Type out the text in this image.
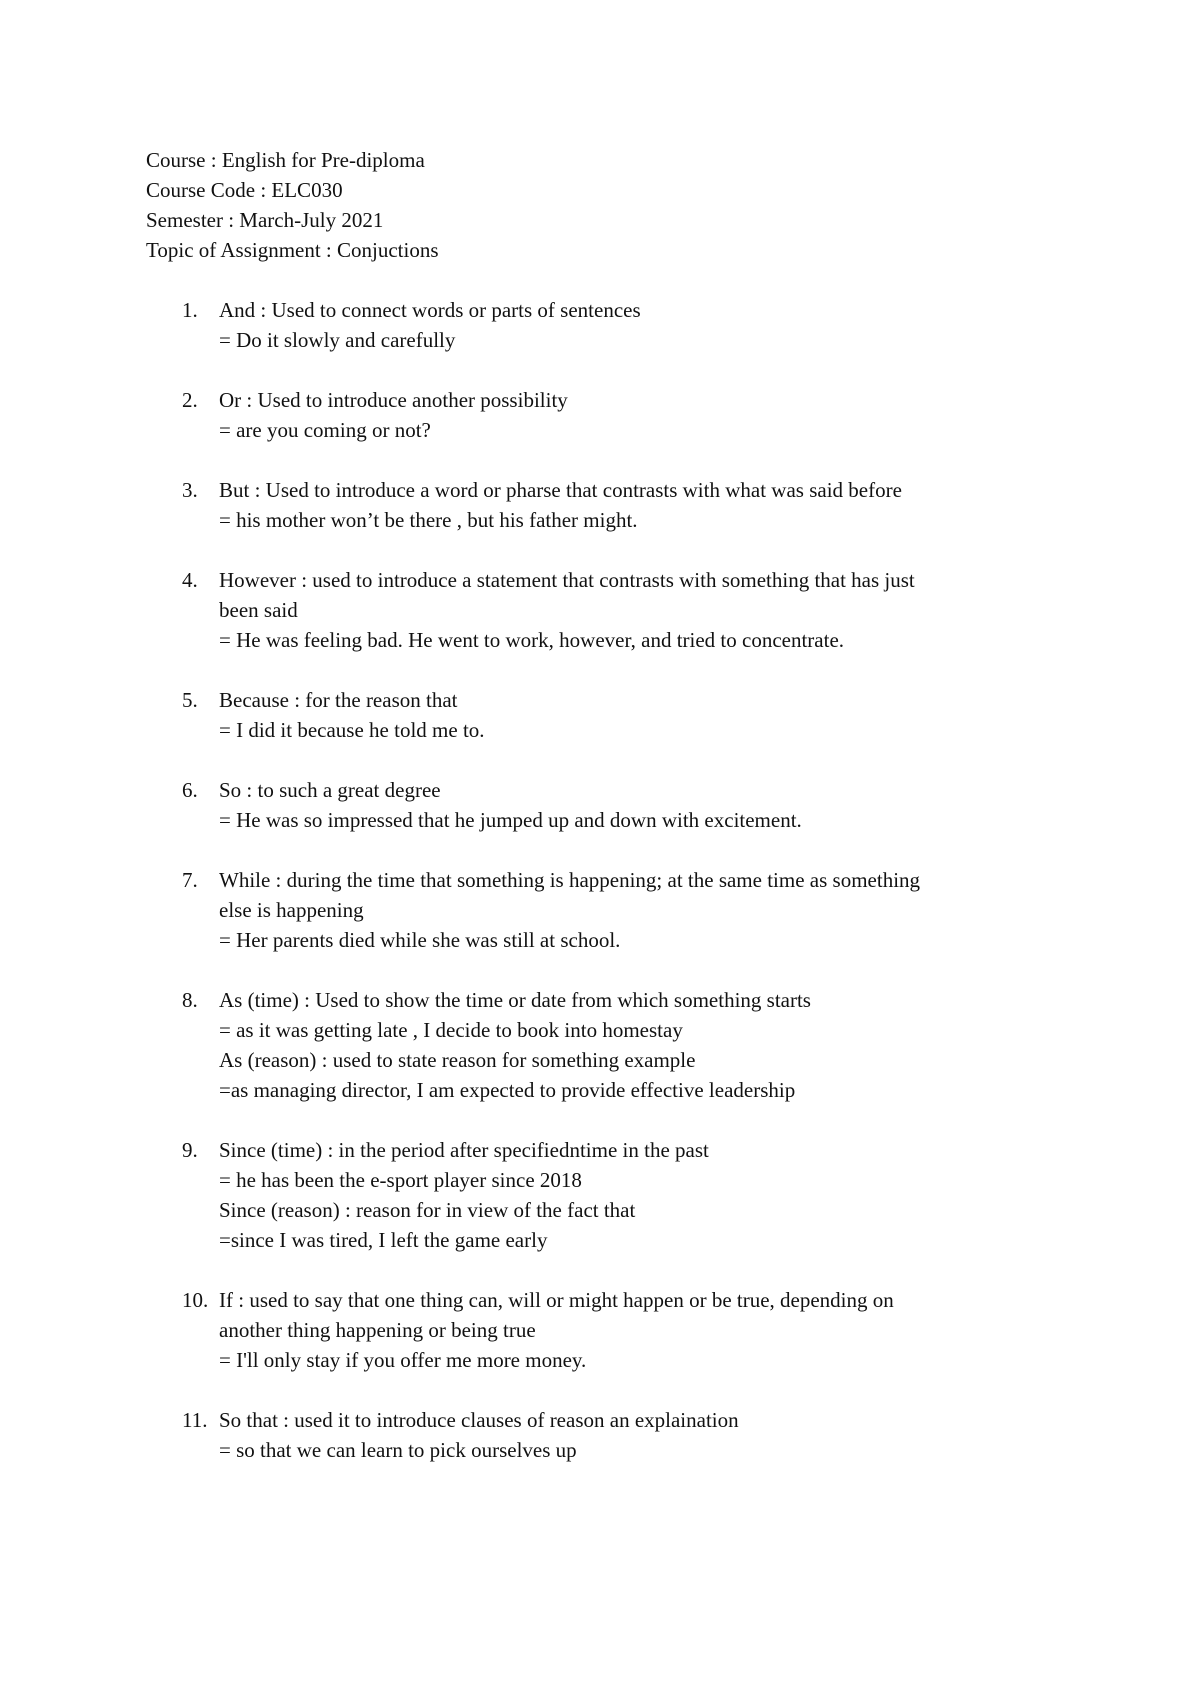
Course : English for Pre-diploma

Course Code : ELC030

Semester : March-July 2021

Topic of Assignment : Conjuctions

1. And : Used to connect words or parts of sentences
= Do it slowly and carefully
2. Or : Used to introduce another possibility
= are you coming or not?
3. But : Used to introduce a word or pharse that contrasts with what was said before
= his mother won’t be there , but his father might.
4. However : used to introduce a statement that contrasts with something that has just
been said
= He was feeling bad. He went to work, however, and tried to concentrate.
5. Because : for the reason that
= I did it because he told me to.
6. So : to such a great degree
= He was so impressed that he jumped up and down with excitement.
7. While : during the time that something is happening; at the same time as something
else is happening
= Her parents died while she was still at school.
8. As (time) : Used to show the time or date from which something starts
= as it was getting late , I decide to book into homestay
As (reason) : used to state reason for something example
=as managing director, I am expected to provide effective leadership
9. Since (time) : in the period after specifiedntime in the past
= he has been the e-sport player since 2018
Since (reason) : reason for in view of the fact that
=since I was tired, I left the game early
10. If : used to say that one thing can, will or might happen or be true, depending on
another thing happening or being true
= I'll only stay if you offer me more money.
11. So that : used it to introduce clauses of reason an explaination
= so that we can learn to pick ourselves up
